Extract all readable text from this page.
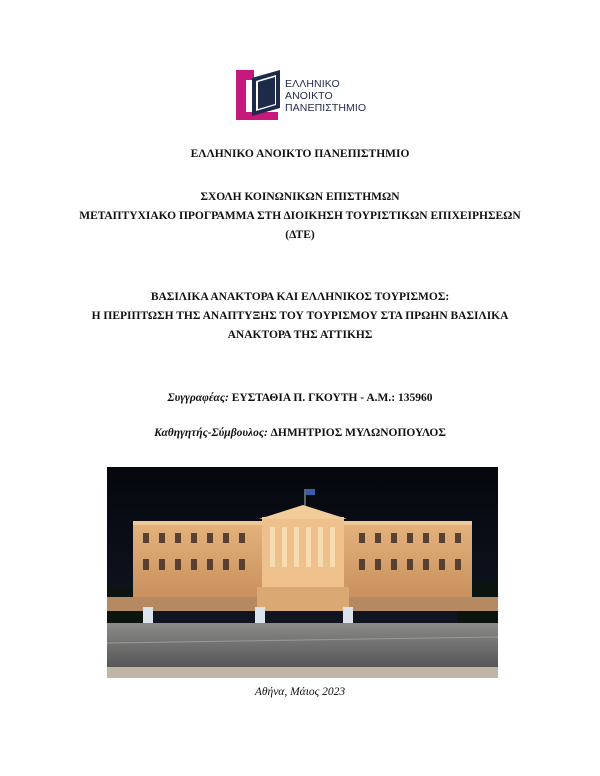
ΕΛΛΗΝΙΚΟ
ΑΝΟΙΚΤΟ
ΠΑΝΕΠΙΣΤΗΜΙΟ
ΕΛΛΗΝΙΚΟ ΑΝΟΙΚΤΟ ΠΑΝΕΠΙΣΤΗΜΙΟ
ΣΧΟΛΗ ΚΟΙΝΩΝΙΚΩΝ ΕΠΙΣΤΗΜΩΝ
ΜΕΤΑΠΤΥΧΙΑΚΟ ΠΡΟΓΡΑΜΜΑ ΣΤΗ ΔΙΟΙΚΗΣΗ ΤΟΥΡΙΣΤΙΚΩΝ ΕΠΙΧΕΙΡΗΣΕΩΝ
(ΔΤΕ)
ΒΑΣΙΛΙΚΑ ΑΝΑΚΤΟΡΑ ΚΑΙ ΕΛΛΗΝΙΚΟΣ ΤΟΥΡΙΣΜΟΣ:
Η ΠΕΡΙΠΤΩΣΗ ΤΗΣ ΑΝΑΠΤΥΞΗΣ ΤΟΥ ΤΟΥΡΙΣΜΟΥ ΣΤΑ ΠΡΩΗΝ ΒΑΣΙΛΙΚΑ
ΑΝΑΚΤΟΡΑ ΤΗΣ ΑΤΤΙΚΗΣ
Συγγραφέας: ΕΥΣΤΑΘΙΑ Π. ΓΚΟΥΤΗ - Α.Μ.: 135960
Καθηγητής-Σύμβουλος: ΔΗΜΗΤΡΙΟΣ ΜΥΛΩΝΟΠΟΥΛΟΣ
Αθήνα, Μάιος 2023
